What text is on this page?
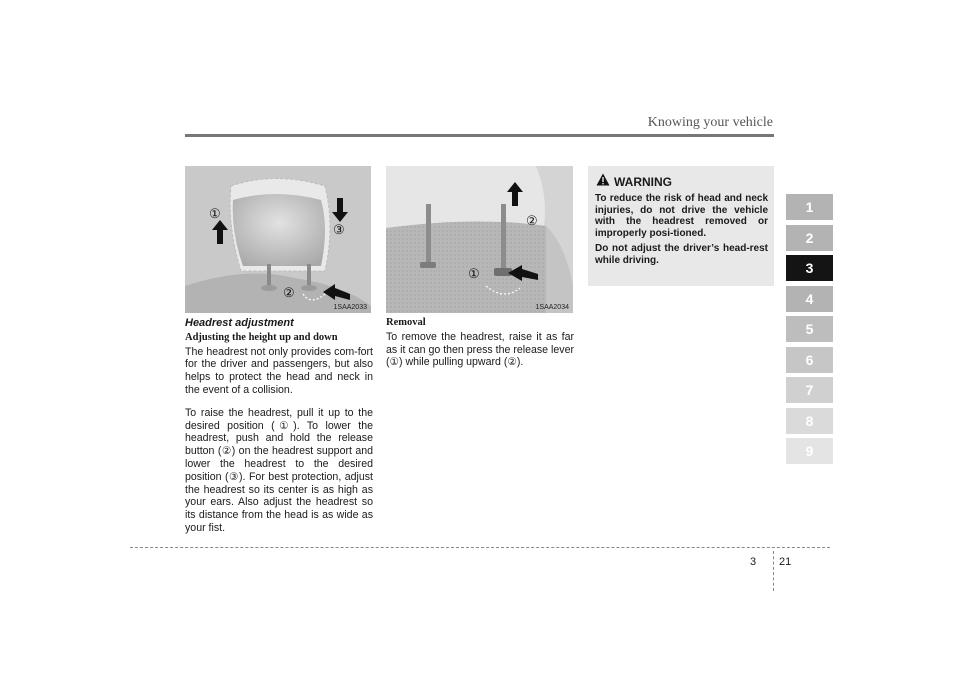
Knowing your vehicle
①
③
②
1SAA2033
②
①
1SAA2034
WARNING

To reduce the risk of head and neck injuries, do not drive the vehicle with the headrest removed or improperly posi-tioned.

Do not adjust the driver’s head-rest while driving.

Headrest adjustment

Adjusting the height up and down

The headrest not only provides com-fort for the driver and passengers, but also helps to protect the head and neck in the event of a collision.

To raise the headrest, pull it up to the desired position (①). To lower the headrest, push and hold the release button (②) on the headrest support and lower the headrest to the desired position (③). For best protection, adjust the headrest so its center is as high as your ears. Also adjust the headrest so its distance from the head is as wide as your fist.

Removal

To remove the headrest, raise it as far as it can go then press the release lever (①) while pulling upward (②).

1
2
3
4
5
6
7
8
9
3 21
